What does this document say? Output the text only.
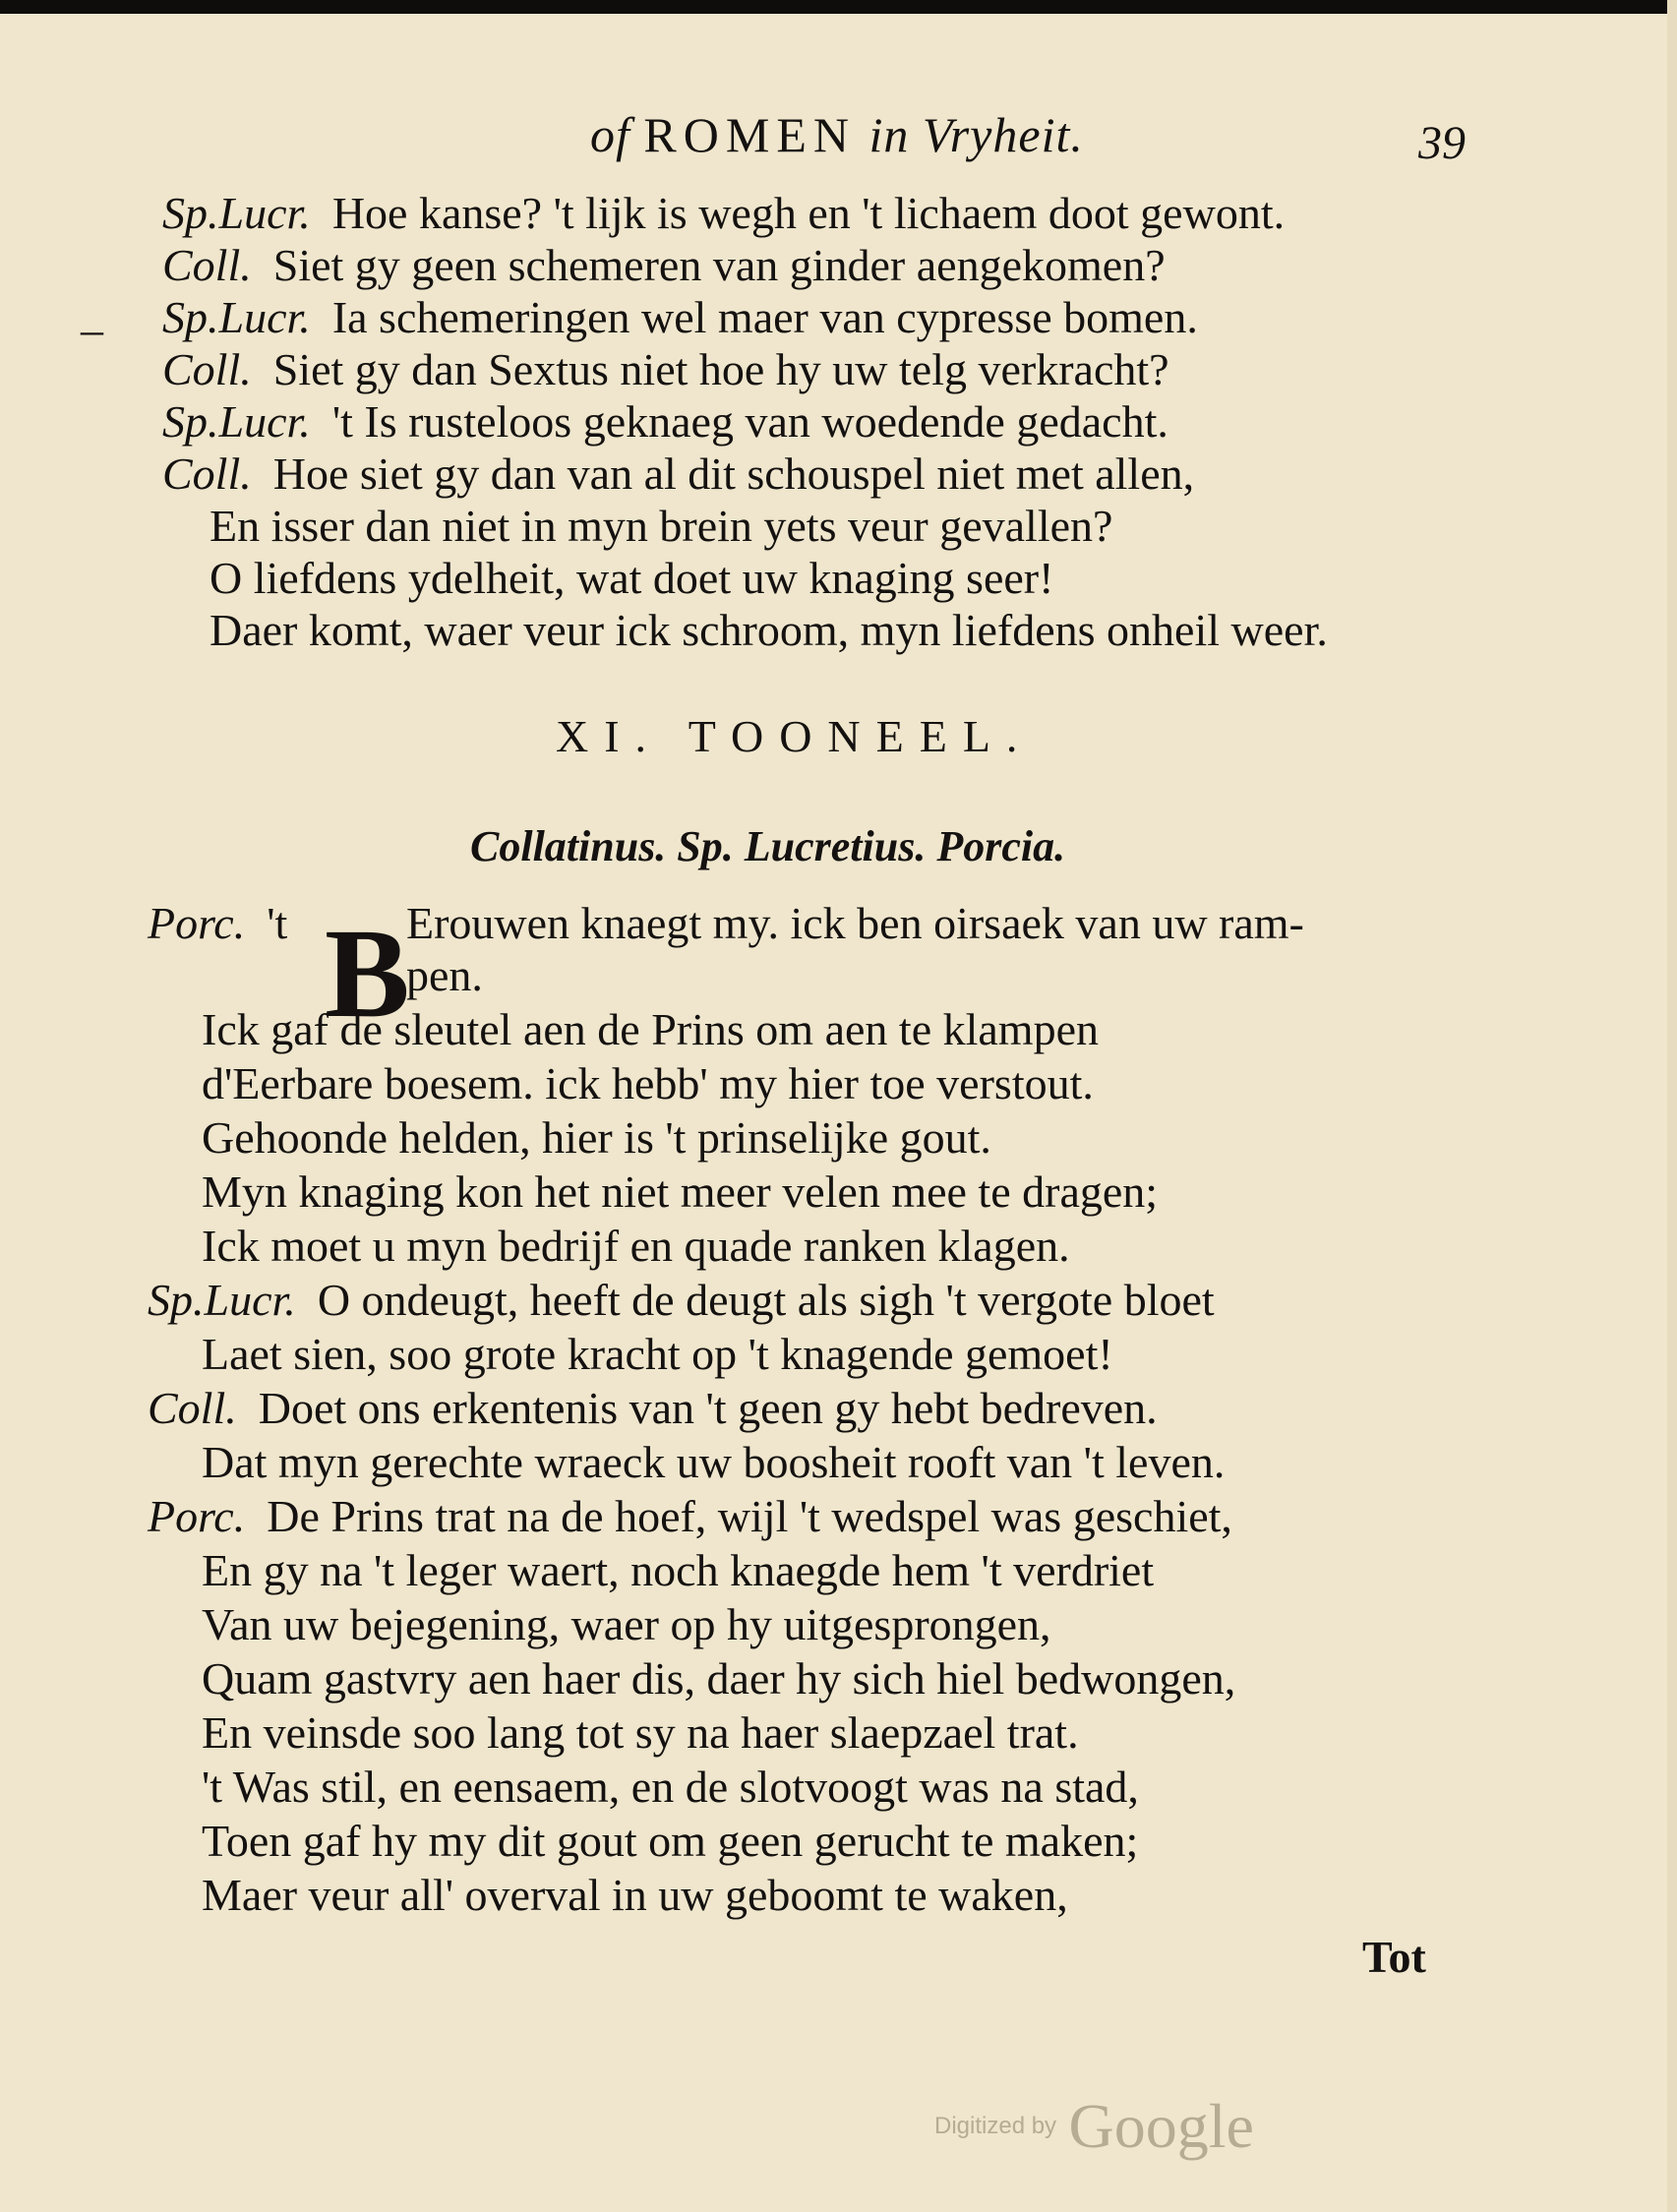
of ROMEN in Vryheit.	39
–
Sp.Lucr. Hoe kanse? 't lijk is wegh en 't lichaem doot gewont.
Coll. Siet gy geen schemeren van ginder aengekomen?
Sp.Lucr. Ia schemeringen wel maer van cypresse bomen.
Coll. Siet gy dan Sextus niet hoe hy uw telg verkracht?
Sp.Lucr. 't Is rusteloos geknaeg van woedende gedacht.
Coll. Hoe siet gy dan van al dit schouspel niet met allen,
En isser dan niet in myn brein yets veur gevallen?
O liefdens ydelheit, wat doet uw knaging seer!
Daer komt, waer veur ick schroom, myn liefdens onheil weer.
XI. TOONEEL.
Collatinus. Sp. Lucretius. Porcia.
Porc. 't B
Erouwen knaegt my. ick ben oirsaek van uw ram-
pen.
Ick gaf de sleutel aen de Prins om aen te klampen
d'Eerbare boesem. ick hebb' my hier toe verstout.
Gehoonde helden, hier is 't prinselijke gout.
Myn knaging kon het niet meer velen mee te dragen;
Ick moet u myn bedrijf en quade ranken klagen.
Sp.Lucr. O ondeugt, heeft de deugt als sigh 't vergote bloet
Laet sien, soo grote kracht op 't knagende gemoet!
Coll. Doet ons erkentenis van 't geen gy hebt bedreven.
Dat myn gerechte wraeck uw boosheit rooft van 't leven.
Porc. De Prins trat na de hoef, wijl 't wedspel was geschiet,
En gy na 't leger waert, noch knaegde hem 't verdriet
Van uw bejegening, waer op hy uitgesprongen,
Quam gastvry aen haer dis, daer hy sich hiel bedwongen,
En veinsde soo lang tot sy na haer slaepzael trat.
't Was stil, en eensaem, en de slotvoogt was na stad,
Toen gaf hy my dit gout om geen gerucht te maken;
Maer veur all' overval in uw geboomt te waken,
Tot
Digitized by Google
